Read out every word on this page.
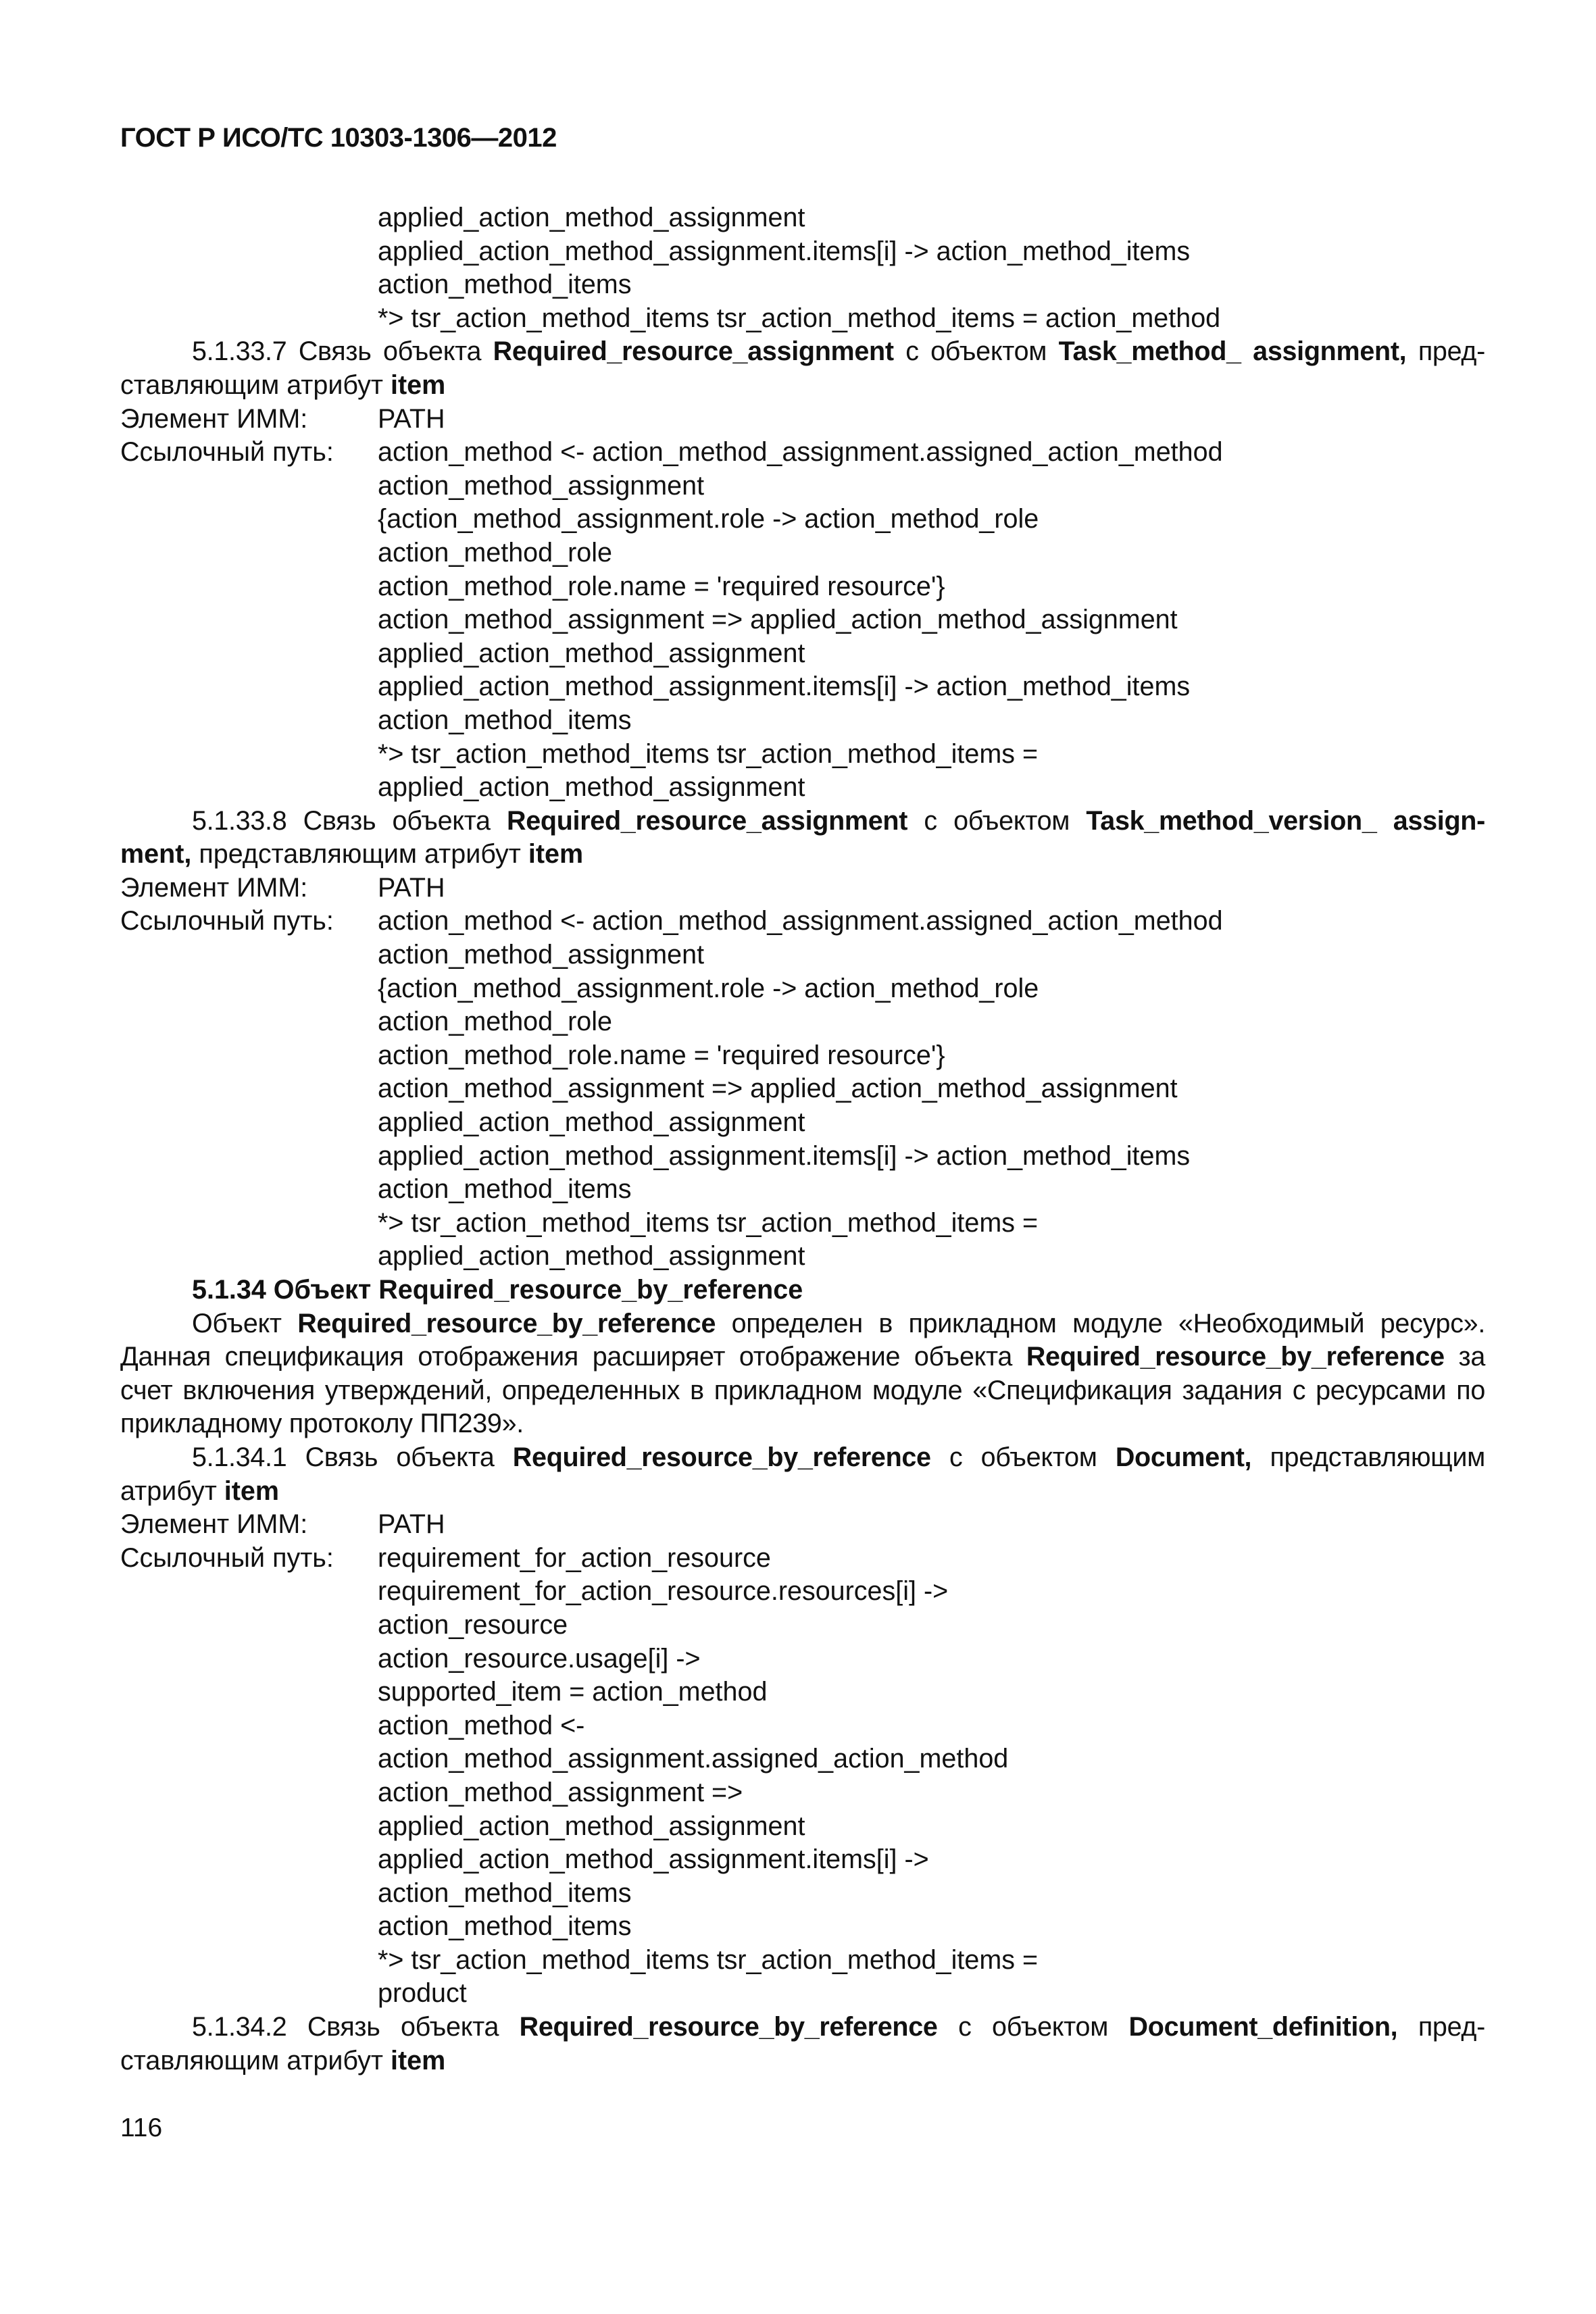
ГОСТ Р ИСО/ТС 10303-1306—2012
applied_action_method_assignment
applied_action_method_assignment.items[i] -> action_method_items
action_method_items
*> tsr_action_method_items tsr_action_method_items = action_method
5.1.33.7 Связь объекта Required_resource_assignment с объектом Task_method_ assignment, пред-
ставляющим атрибут item
Элемент ИММ:	PATH
Ссылочный путь:	action_method <- action_method_assignment.assigned_action_method
action_method_assignment
{action_method_assignment.role -> action_method_role
action_method_role
action_method_role.name = 'required resource'}
action_method_assignment => applied_action_method_assignment
applied_action_method_assignment
applied_action_method_assignment.items[i] -> action_method_items
action_method_items
*> tsr_action_method_items tsr_action_method_items =
applied_action_method_assignment
5.1.33.8 Связь объекта Required_resource_assignment с объектом Task_method_version_ assign-
ment, представляющим атрибут item
Элемент ИММ:	PATH
Ссылочный путь:	action_method <- action_method_assignment.assigned_action_method
action_method_assignment
{action_method_assignment.role -> action_method_role
action_method_role
action_method_role.name = 'required resource'}
action_method_assignment => applied_action_method_assignment
applied_action_method_assignment
applied_action_method_assignment.items[i] -> action_method_items
action_method_items
*> tsr_action_method_items tsr_action_method_items =
applied_action_method_assignment
5.1.34 Объект Required_resource_by_reference
Объект Required_resource_by_reference определен в прикладном модуле «Необходимый ресурс». Данная спецификация отображения расширяет отображение объекта Required_resource_by_reference за счет включения утверждений, определенных в прикладном модуле «Спецификация задания с ресурсами по прикладному протоколу ПП239».
5.1.34.1 Связь объекта Required_resource_by_reference с объектом Document, представляющим
атрибут item
Элемент ИММ:	PATH
Ссылочный путь:	requirement_for_action_resource
requirement_for_action_resource.resources[i] ->
action_resource
action_resource.usage[i] ->
supported_item = action_method
action_method <-
action_method_assignment.assigned_action_method
action_method_assignment =>
applied_action_method_assignment
applied_action_method_assignment.items[i] ->
action_method_items
action_method_items
*> tsr_action_method_items tsr_action_method_items =
product
5.1.34.2 Связь объекта Required_resource_by_reference с объектом Document_definition, пред-
ставляющим атрибут item
116
